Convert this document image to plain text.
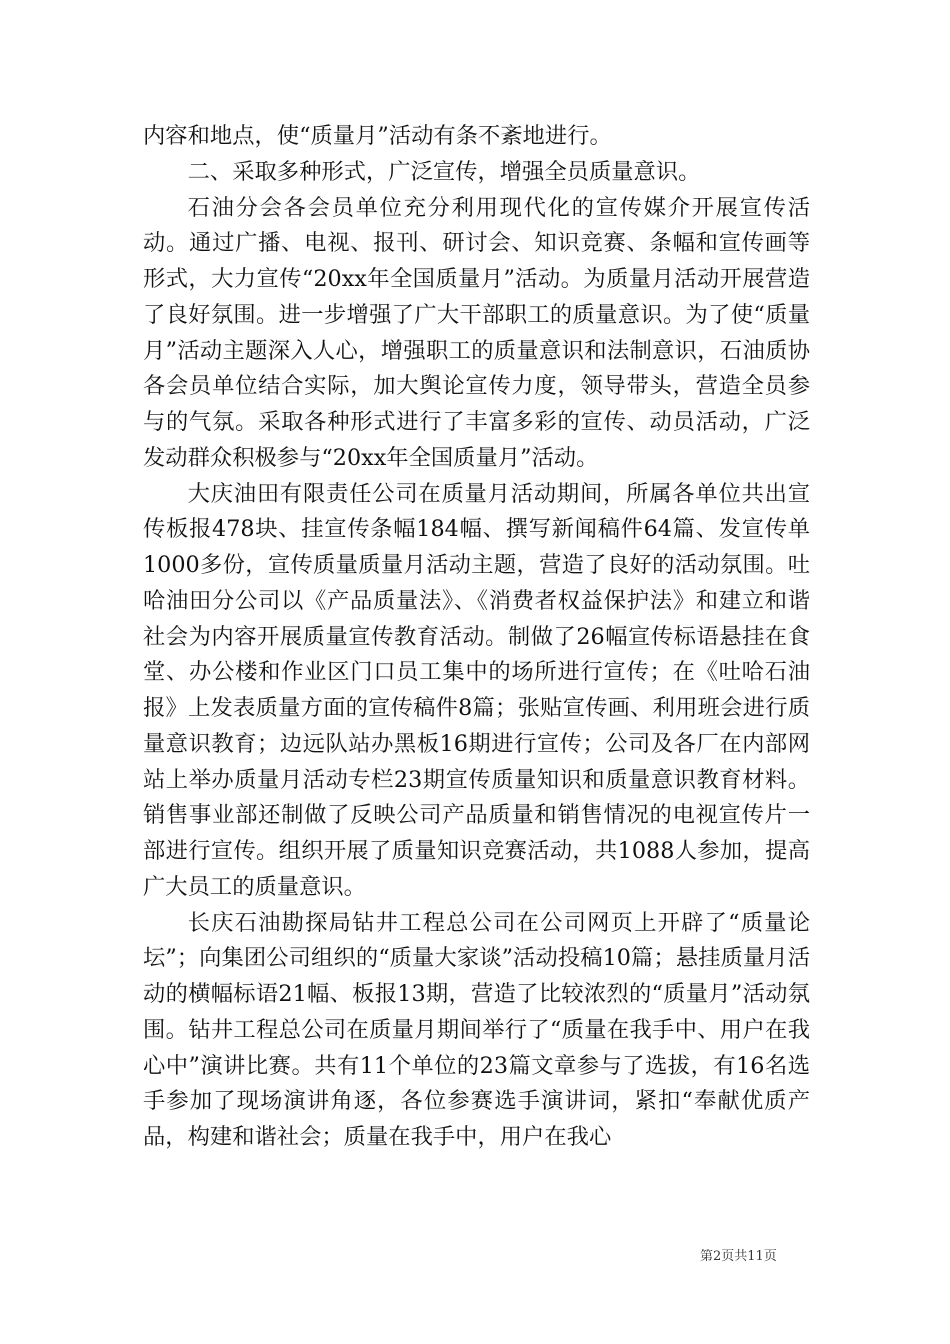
内容和地点，使“质量月”活动有条不紊地进行。

二、采取多种形式，广泛宣传，增强全员质量意识。

石油分会各会员单位充分利用现代化的宣传媒介开展宣传活动。通过广播、电视、报刊、研讨会、知识竞赛、条幅和宣传画等形式，大力宣传“20xx年全国质量月”活动。为质量月活动开展营造了良好氛围。进一步增强了广大干部职工的质量意识。为了使“质量月”活动主题深入人心，增强职工的质量意识和法制意识，石油质协各会员单位结合实际，加大舆论宣传力度，领导带头，营造全员参与的气氛。采取各种形式进行了丰富多彩的宣传、动员活动，广泛发动群众积极参与“20xx年全国质量月”活动。

大庆油田有限责任公司在质量月活动期间，所属各单位共出宣传板报478块、挂宣传条幅184幅、撰写新闻稿件64篇、发宣传单1000多份，宣传质量质量月活动主题，营造了良好的活动氛围。吐哈油田分公司以《产品质量法》、《消费者权益保护法》和建立和谐社会为内容开展质量宣传教育活动。制做了26幅宣传标语悬挂在食堂、办公楼和作业区门口员工集中的场所进行宣传；在《吐哈石油报》上发表质量方面的宣传稿件8篇；张贴宣传画、利用班会进行质量意识教育；边远队站办黑板16期进行宣传；公司及各厂在内部网站上举办质量月活动专栏23期宣传质量知识和质量意识教育材料。销售事业部还制做了反映公司产品质量和销售情况的电视宣传片一部进行宣传。组织开展了质量知识竞赛活动，共1088人参加，提高广大员工的质量意识。

长庆石油勘探局钻井工程总公司在公司网页上开辟了“质量论坛”；向集团公司组织的“质量大家谈”活动投稿10篇；悬挂质量月活动的横幅标语21幅、板报13期，营造了比较浓烈的“质量月”活动氛围。钻井工程总公司在质量月期间举行了“质量在我手中、用户在我心中”演讲比赛。共有11个单位的23篇文章参与了选拔，有16名选手参加了现场演讲角逐，各位参赛选手演讲词，紧扣“奉献优质产品，构建和谐社会；质量在我手中，用户在我心

第2页共11页
